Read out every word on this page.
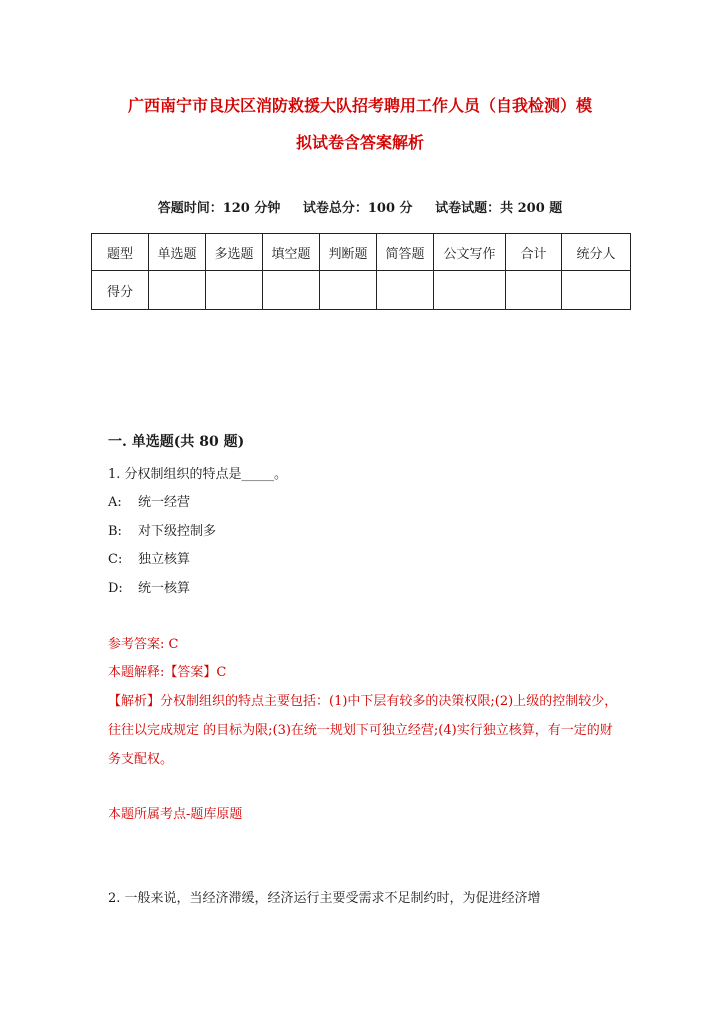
广西南宁市良庆区消防救援大队招考聘用工作人员（自我检测）模
拟试卷含答案解析
答题时间：120 分钟 试卷总分：100 分 试卷试题：共 200 题
题型	单选题	多选题	填空题	判断题	简答题	公文写作	合计	统分人
得分								
一. 单选题(共 80 题)
1. 分权制组织的特点是_____。
A: 统一经营
B: 对下级控制多
C: 独立核算
D: 统一核算
参考答案: C
本题解释:【答案】C
【解析】分权制组织的特点主要包括：(1)中下层有较多的决策权限;(2)上级的控制较少，往往以完成规定 的目标为限;(3)在统一规划下可独立经营;(4)实行独立核算，有一定的财务支配权。
本题所属考点-题库原题
2. 一般来说，当经济滞缓，经济运行主要受需求不足制约时，为促进经济增
